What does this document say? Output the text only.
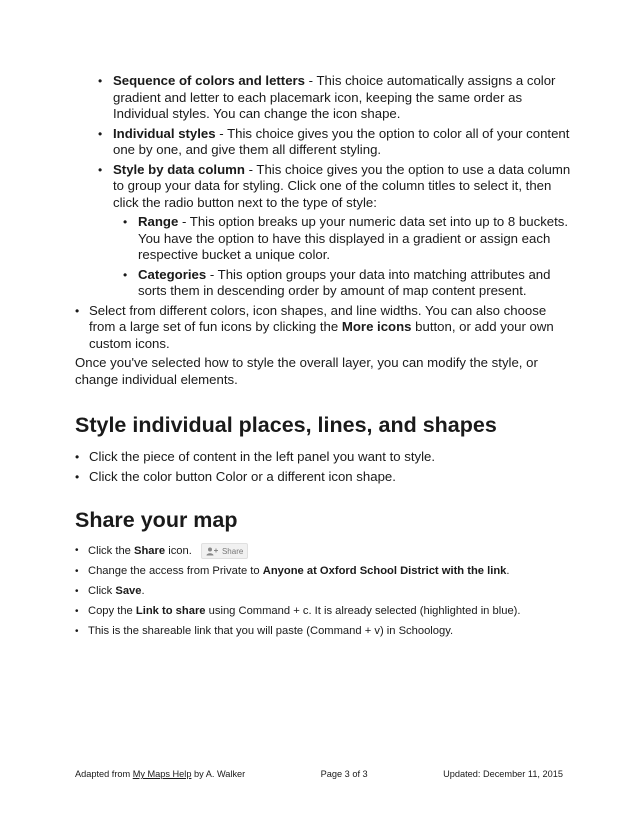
• Sequence of colors and letters - This choice automatically assigns a color gradient and letter to each placemark icon, keeping the same order as Individual styles. You can change the icon shape.
• Individual styles - This choice gives you the option to color all of your content one by one, and give them all different styling.
• Style by data column - This choice gives you the option to use a data column to group your data for styling. Click one of the column titles to select it, then click the radio button next to the type of style:
• Range - This option breaks up your numeric data set into up to 8 buckets. You have the option to have this displayed in a gradient or assign each respective bucket a unique color.
• Categories - This option groups your data into matching attributes and sorts them in descending order by amount of map content present.
• Select from different colors, icon shapes, and line widths. You can also choose from a large set of fun icons by clicking the More icons button, or add your own custom icons.
Once you've selected how to style the overall layer, you can modify the style, or change individual elements.
Style individual places, lines, and shapes
• Click the piece of content in the left panel you want to style.
• Click the color button Color or a different icon shape.
Share your map
• Click the Share icon.	Share
• Change the access from Private to Anyone at Oxford School District with the link.
• Click Save.
• Copy the Link to share using Command + c. It is already selected (highlighted in blue).
• This is the shareable link that you will paste (Command + v) in Schoology.
Adapted from My Maps Help by A. Walker	Page 3 of 3	Updated: December 11, 2015
